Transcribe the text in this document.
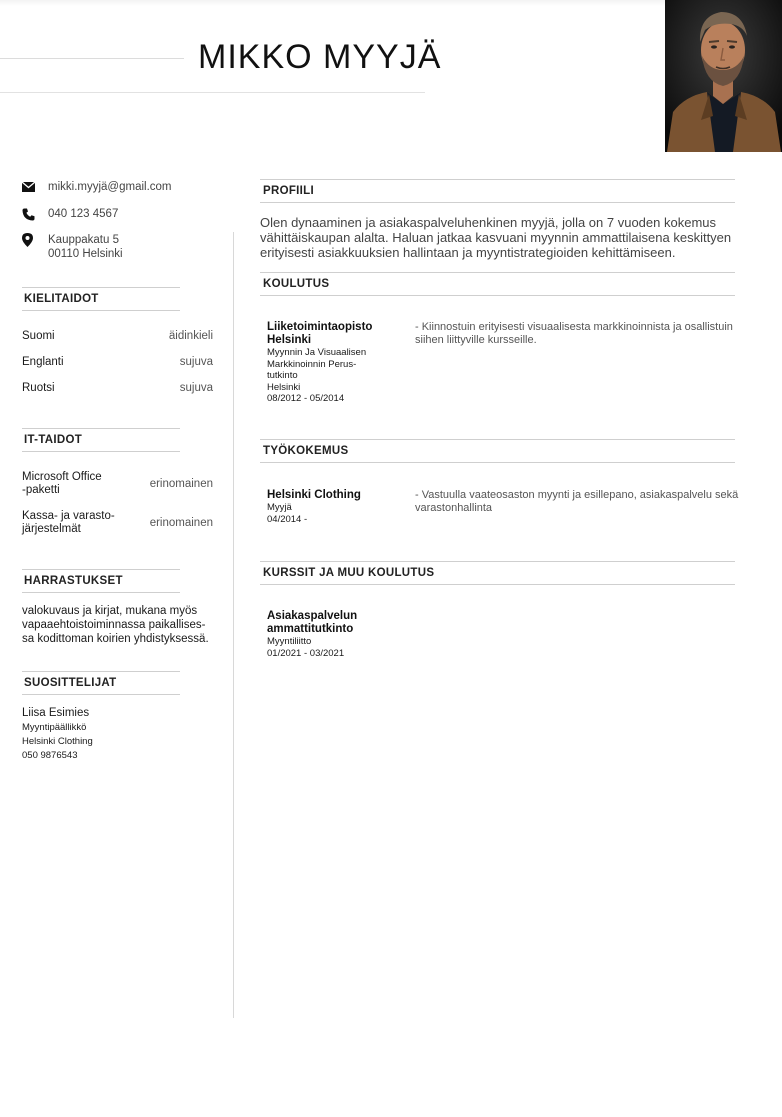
MIKKO MYYJÄ
mikki.myyjä@gmail.com
040 123 4567
Kauppakatu 5
00110 Helsinki
KIELITAIDOT
Suomi	äidinkieli
Englanti	sujuva
Ruotsi	sujuva
IT-TAIDOT
Microsoft Office
-paketti	erinomainen
Kassa- ja varasto-
järjestelmät	erinomainen
HARRASTUKSET
valokuvaus ja kirjat, mukana myös
vapaaehtoistoiminnassa paikallises-
sa kodittoman koirien yhdistyksessä.
SUOSITTELIJAT
Liisa Esimies
Myyntipäällikkö
Helsinki Clothing
050 9876543
PROFIILI
Olen dynaaminen ja asiakaspalveluhenkinen myyjä, jolla on 7 vuoden kokemus
vähittäiskaupan alalta. Haluan jatkaa kasvuani myynnin ammattilaisena keskittyen
erityisesti asiakkuuksien hallintaan ja myyntistrategioiden kehittämiseen.
KOULUTUS
Liiketoimintaopisto
Helsinki
Myynnin Ja Visuaalisen
Markkinoinnin Perus-
tutkinto
Helsinki
08/2012 - 05/2014
- Kiinnostuin erityisesti visuaalisesta markkinoinnista ja osallistuin
siihen liittyville kursseille.
TYÖKOKEMUS
Helsinki Clothing
Myyjä
04/2014 -
- Vastuulla vaateosaston myynti ja esillepano, asiakaspalvelu sekä
varastonhallinta
KURSSIT JA MUU KOULUTUS
Asiakaspalvelun
ammattitutkinto
Myyntiliitto
01/2021 - 03/2021
